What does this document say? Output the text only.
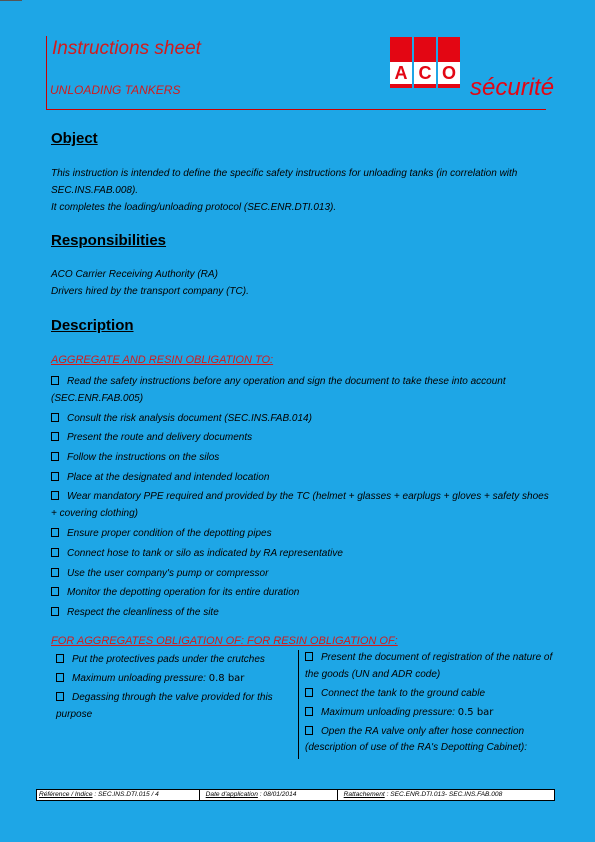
Instructions sheet
UNLOADING TANKERS
A C O
sécurité
Object
This instruction is intended to define the specific safety instructions for unloading tanks (in correlation with SEC.INS.FAB.008).
It completes the loading/unloading protocol (SEC.ENR.DTI.013).
Responsibilities
ACO Carrier Receiving Authority (RA)
Drivers hired by the transport company (TC).
Description
AGGREGATE AND RESIN OBLIGATION TO:
Read the safety instructions before any operation and sign the document to take these into account (SEC.ENR.FAB.005)
Consult the risk analysis document (SEC.INS.FAB.014)
Present the route and delivery documents
Follow the instructions on the silos
Place at the designated and intended location
Wear mandatory PPE required and provided by the TC (helmet + glasses + earplugs + gloves + safety shoes + covering clothing)
Ensure proper condition of the depotting pipes
Connect hose to tank or silo as indicated by RA representative
Use the user company's pump or compressor
Monitor the depotting operation for its entire duration
Respect the cleanliness of the site
FOR AGGREGATES OBLIGATION OF: FOR RESIN OBLIGATION OF:
Put the protectives pads under the crutches
Maximum unloading pressure: 0.8 bar
Degassing through the valve provided for this purpose
Present the document of registration of the nature of the goods (UN and ADR code)
Connect the tank to the ground cable
Maximum unloading pressure: 0.5 bar
Open the RA valve only after hose connection (description of use of the RA's Depotting Cabinet):
Référence / Indice : SEC.INS.DTI.015 / 4	Date d'application : 08/01/2014	Rattachement : SEC.ENR.DTI.013- SEC.INS.FAB.008
